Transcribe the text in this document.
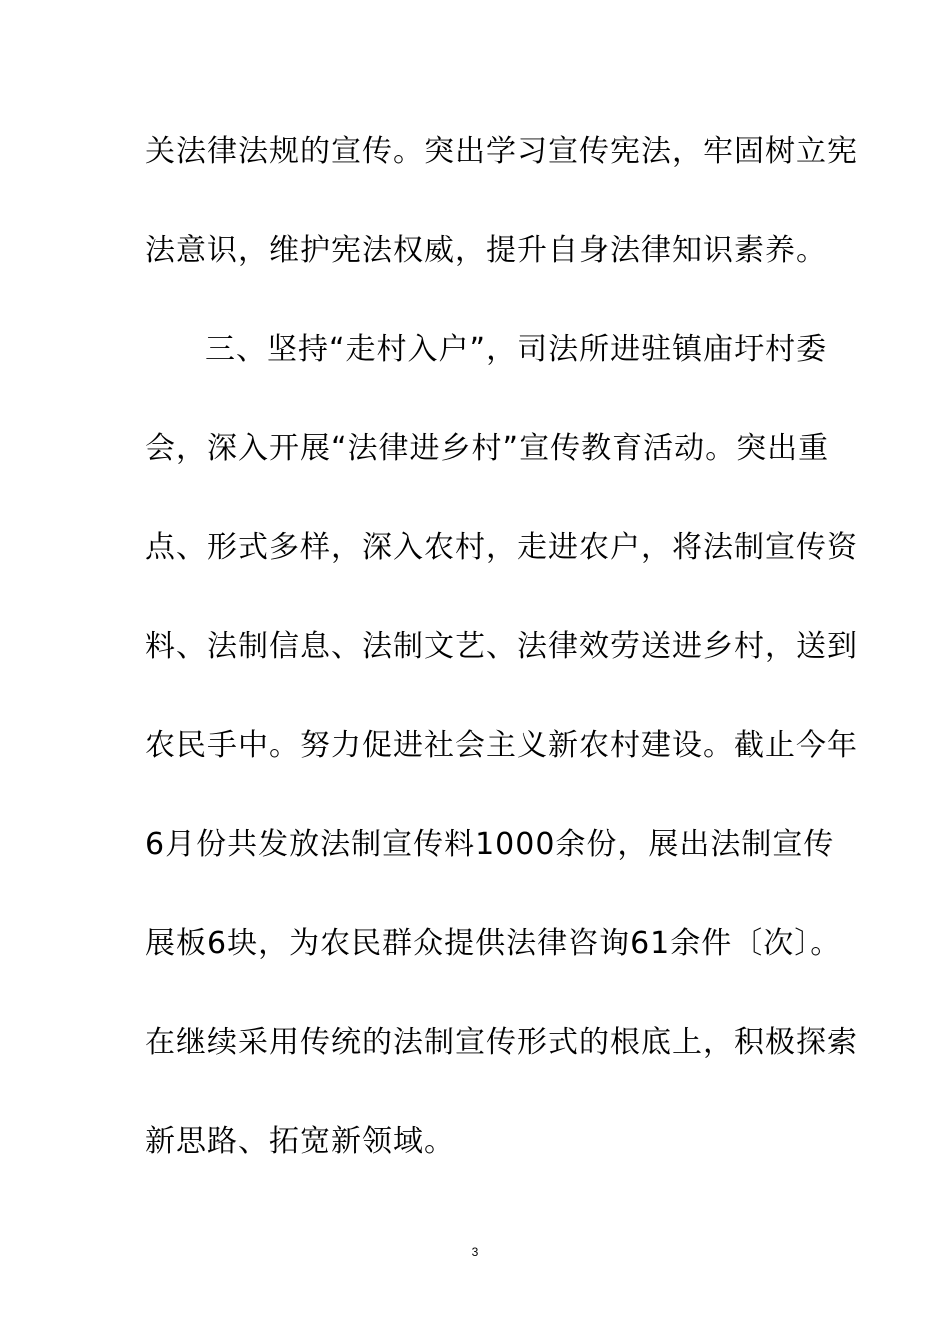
关法律法规的宣传。突出学习宣传宪法，牢固树立宪
法意识，维护宪法权威，提升自身法律知识素养。
三、坚持“走村入户”，司法所进驻镇庙圩村委
会，深入开展“法律进乡村”宣传教育活动。突出重
点、形式多样，深入农村，走进农户，将法制宣传资
料、法制信息、法制文艺、法律效劳送进乡村，送到
农民手中。努力促进社会主义新农村建设。截止今年
6月份共发放法制宣传料1000余份，展出法制宣传
展板6块，为农民群众提供法律咨询61余件〔次〕。
在继续采用传统的法制宣传形式的根底上，积极探索
新思路、拓宽新领域。
3
